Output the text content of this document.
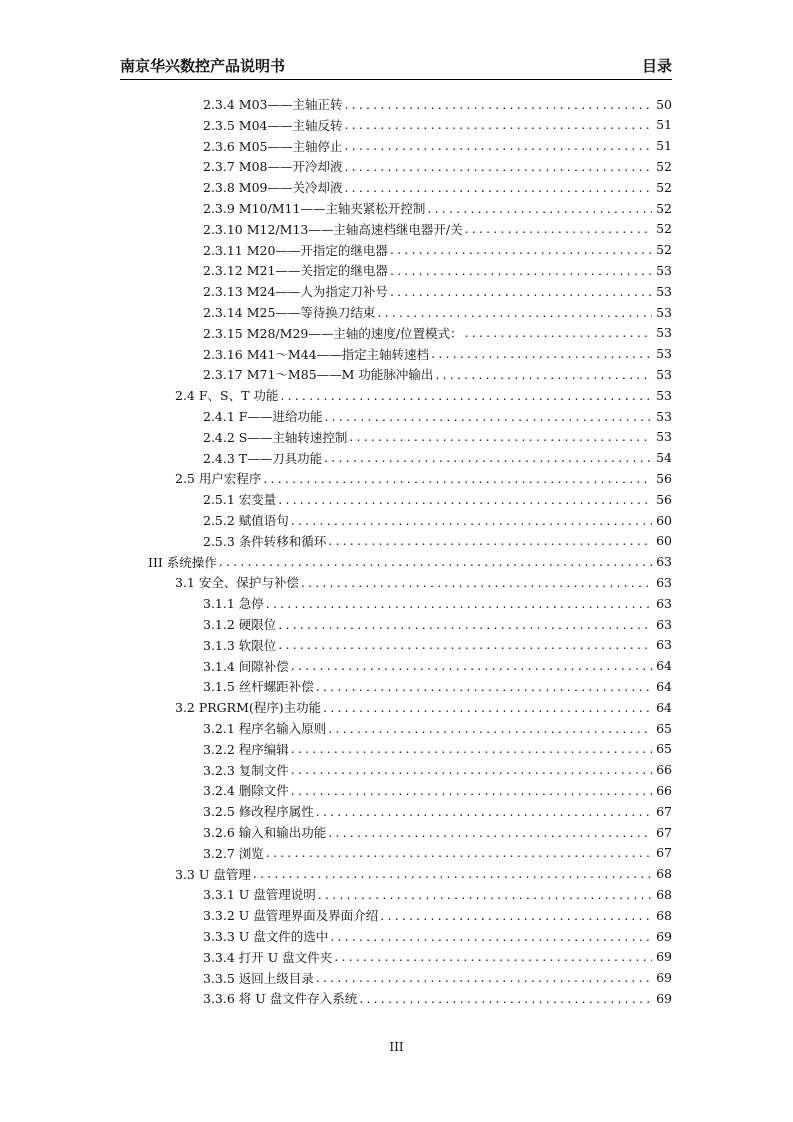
南京华兴数控产品说明书	目录
2.3.4 M03——主轴正转 .....	50
2.3.5 M04——主轴反转 .....	51
2.3.6 M05——主轴停止 .....	51
2.3.7 M08——开冷却液 .....	52
2.3.8 M09——关冷却液 .....	52
2.3.9 M10/M11——主轴夹紧松开控制 .....	52
2.3.10 M12/M13——主轴高速档继电器开/关 .....	52
2.3.11 M20——开指定的继电器 .....	52
2.3.12 M21——关指定的继电器 .....	53
2.3.13 M24——人为指定刀补号 .....	53
2.3.14 M25——等待换刀结束 .....	53
2.3.15 M28/M29——主轴的速度/位置模式： .....	53
2.3.16 M41～M44——指定主轴转速档 .....	53
2.3.17 M71～M85——M 功能脉冲输出 .....	53
2.4 F、S、T 功能 .....	53
2.4.1 F——进给功能 .....	53
2.4.2 S——主轴转速控制 .....	53
2.4.3 T——刀具功能 .....	54
2.5 用户宏程序 .....	56
2.5.1 宏变量 .....	56
2.5.2 赋值语句 .....	60
2.5.3 条件转移和循环 .....	60
III 系统操作 .....	63
3.1 安全、保护与补偿 .....	63
3.1.1 急停 .....	63
3.1.2 硬限位 .....	63
3.1.3 软限位 .....	63
3.1.4 间隙补偿 .....	64
3.1.5 丝杆螺距补偿 .....	64
3.2 PRGRM(程序)主功能 .....	64
3.2.1 程序名输入原则 .....	65
3.2.2 程序编辑 .....	65
3.2.3 复制文件 .....	66
3.2.4 删除文件 .....	66
3.2.5 修改程序属性 .....	67
3.2.6 输入和输出功能 .....	67
3.2.7 浏览 .....	67
3.3 U 盘管理 .....	68
3.3.1 U 盘管理说明 .....	68
3.3.2 U 盘管理界面及界面介绍 .....	68
3.3.3 U 盘文件的选中 .....	69
3.3.4 打开 U 盘文件夹 .....	69
3.3.5 返回上级目录 .....	69
3.3.6 将 U 盘文件存入系统 .....	69
III
